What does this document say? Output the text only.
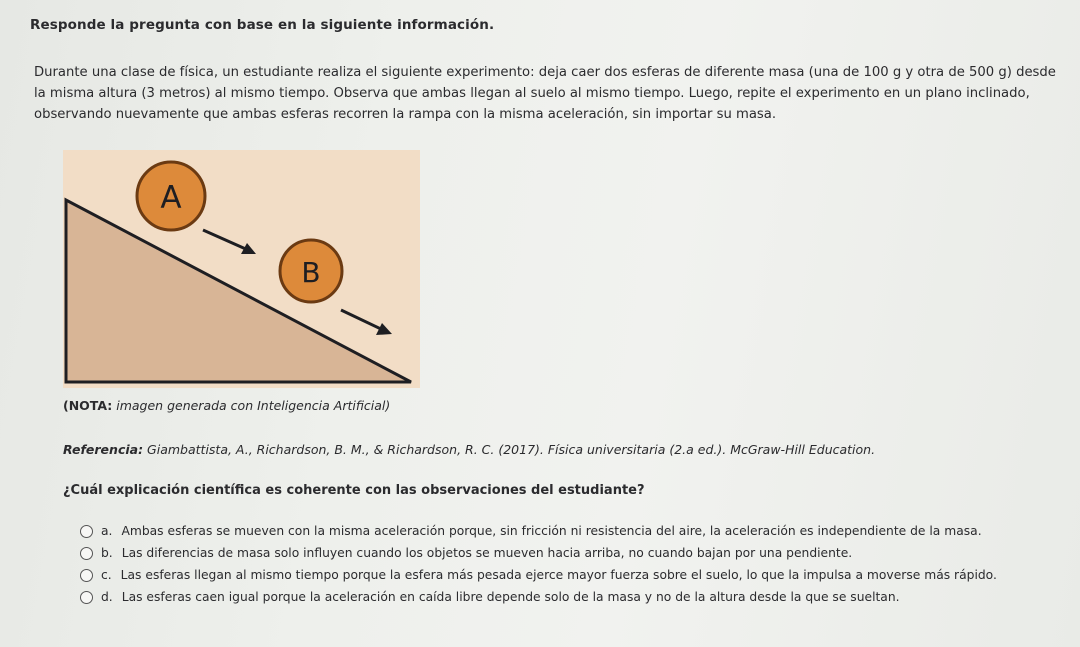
Responde la pregunta con base en la siguiente información.

Durante una clase de física, un estudiante realiza el siguiente experimento: deja caer dos esferas de diferente masa (una de 100 g y otra de 500 g) desde la misma altura (3 metros) al mismo tiempo. Observa que ambas llegan al suelo al mismo tiempo. Luego, repite el experimento en un plano inclinado, observando nuevamente que ambas esferas recorren la rampa con la misma aceleración, sin importar su masa.

A
B
(NOTA: imagen generada con Inteligencia Artificial)
Referencia: Giambattista, A., Richardson, B. M., & Richardson, R. C. (2017). Física universitaria (2.a ed.). McGraw-Hill Education.
¿Cuál explicación científica es coherente con las observaciones del estudiante?
a. Ambas esferas se mueven con la misma aceleración porque, sin fricción ni resistencia del aire, la aceleración es independiente de la masa.
b. Las diferencias de masa solo influyen cuando los objetos se mueven hacia arriba, no cuando bajan por una pendiente.
c. Las esferas llegan al mismo tiempo porque la esfera más pesada ejerce mayor fuerza sobre el suelo, lo que la impulsa a moverse más rápido.
d. Las esferas caen igual porque la aceleración en caída libre depende solo de la masa y no de la altura desde la que se sueltan.
